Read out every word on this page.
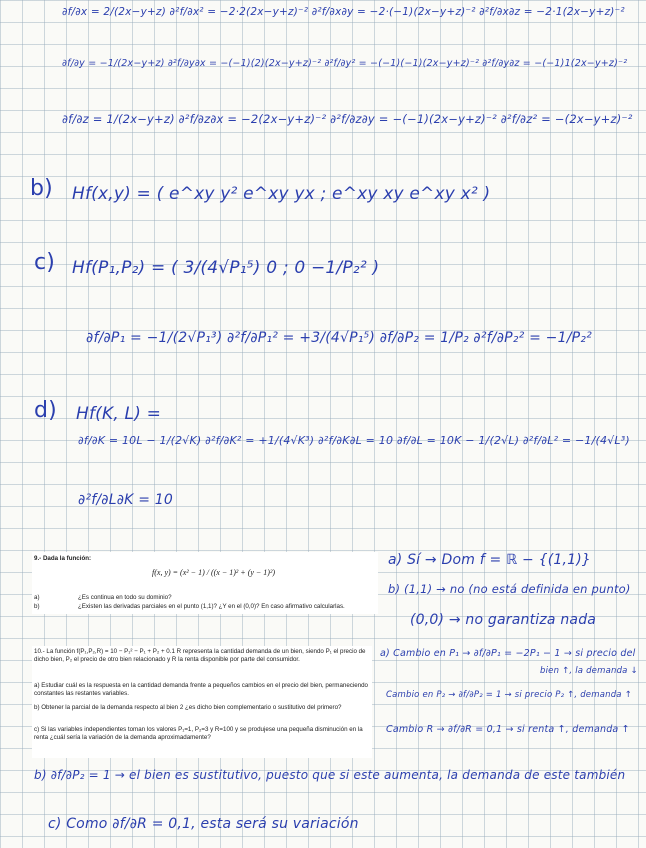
∂f/∂x = 2/(2x−y+z) ∂²f/∂x² = −2·2(2x−y+z)⁻² ∂²f/∂x∂y = −2·(−1)(2x−y+z)⁻² ∂²f/∂x∂z = −2·1(2x−y+z)⁻²
∂f/∂y = −1/(2x−y+z) ∂²f/∂y∂x = −(−1)(2)(2x−y+z)⁻² ∂²f/∂y² = −(−1)(−1)(2x−y+z)⁻² ∂²f/∂y∂z = −(−1)1(2x−y+z)⁻²
∂f/∂z = 1/(2x−y+z) ∂²f/∂z∂x = −2(2x−y+z)⁻² ∂²f/∂z∂y = −(−1)(2x−y+z)⁻² ∂²f/∂z² = −(2x−y+z)⁻²
b) Hf(x,y) = ( e^xy y² e^xy yx ; e^xy xy e^xy x² )
c) Hf(P₁,P₂) = ( 3/(4√P₁⁵) 0 ; 0 −1/P₂² )
∂f/∂P₁ = −1/(2√P₁³) ∂²f/∂P₁² = +3/(4√P₁⁵) ∂f/∂P₂ = 1/P₂ ∂²f/∂P₂² = −1/P₂²
d) Hf(K, L) =
∂f/∂K = 10L − 1/(2√K) ∂²f/∂K² = +1/(4√K³) ∂²f/∂K∂L = 10 ∂f/∂L = 10K − 1/(2√L) ∂²f/∂L² = −1/(4√L³)
∂²f/∂L∂K = 10
9.- Dada la función:
f(x, y) = (x² − 1) / ((x − 1)² + (y − 1)²)
a)	¿Es continua en todo su dominio?
b)	¿Existen las derivadas parciales en el punto (1,1)? ¿Y en el (0,0)? En caso afirmativo calcularlas.
a) Sí → Dom f = ℝ − {(1,1)}
b) (1,1) → no (no está definida en punto)
(0,0) → no garantiza nada
10.- La función f(P₁,P₂,R) = 10 − P₁² − P₁ + P₂ + 0.1 R representa la cantidad demanda de un bien, siendo P₁ el precio de dicho bien, P₂ el precio de otro bien relacionado y R la renta disponible por parte del consumidor.
a) Estudiar cuál es la respuesta en la cantidad demanda frente a pequeños cambios en el precio del bien, permaneciendo constantes las restantes variables.
b) Obtener la parcial de la demanda respecto al bien 2 ¿es dicho bien complementario o sustitutivo del primero?
c) Si las variables independientes toman los valores P₁=1, P₂=3 y R=100 y se produjese una pequeña disminución en la renta ¿cuál sería la variación de la demanda aproximadamente?
a) Cambio en P₁ → ∂f/∂P₁ = −2P₁ − 1 → si precio del
bien ↑, la demanda ↓
Cambio en P₂ → ∂f/∂P₂ = 1 → si precio P₂ ↑, demanda ↑
Cambio R → ∂f/∂R = 0,1 → si renta ↑, demanda ↑
b) ∂f/∂P₂ = 1 → el bien es sustitutivo, puesto que si este aumenta, la demanda de este también
c) Como ∂f/∂R = 0,1, esta será su variación
